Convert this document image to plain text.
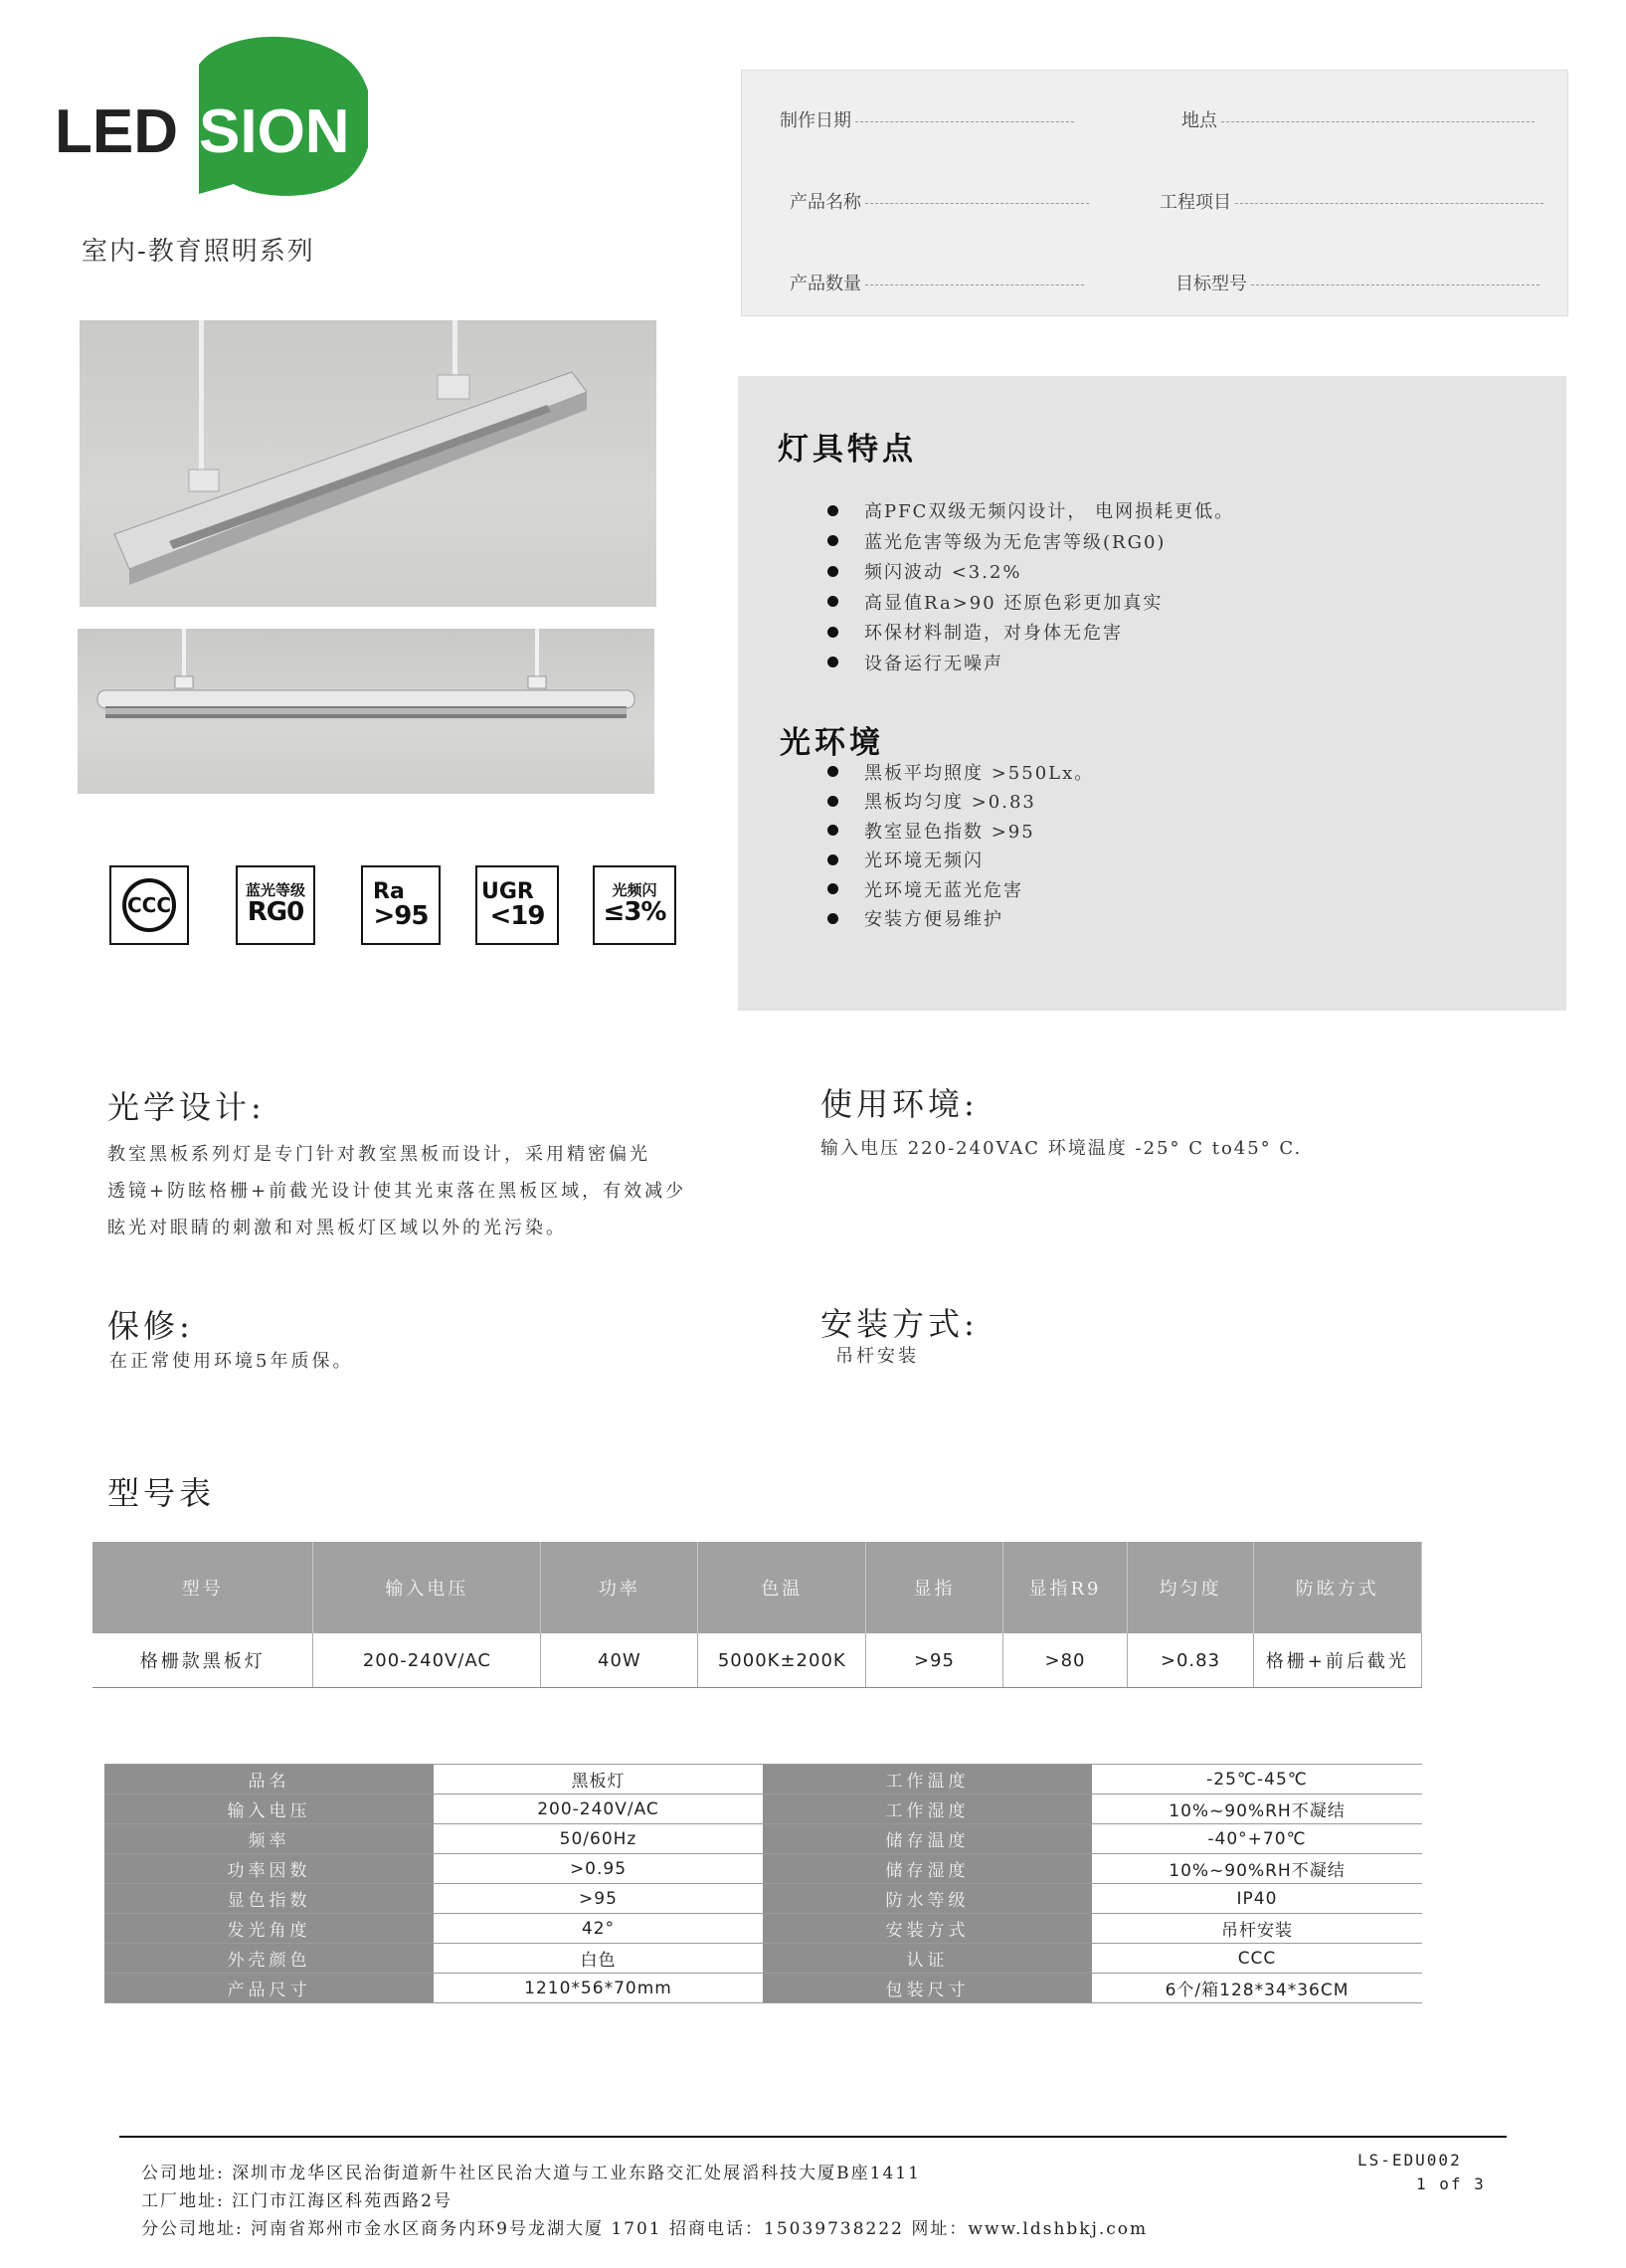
LED SION
室内-教育照明系列
CCC
蓝光等级
RG0
Ra
>95
UGR
<19
光频闪
≤3%
制作日期	地点
产品名称	工程项目
产品数量	目标型号
灯具特点
高PFC双级无频闪设计， 电网损耗更低。
蓝光危害等级为无危害等级(RG0)
频闪波动 <3.2%
高显值Ra>90 还原色彩更加真实
环保材料制造，对身体无危害
设备运行无噪声
光环境
黑板平均照度 >550Lx。
黑板均匀度 >0.83
教室显色指数 >95
光环境无频闪
光环境无蓝光危害
安装方便易维护
光学设计:
教室黑板系列灯是专门针对教室黑板而设计，采用精密偏光
透镜+防眩格栅+前截光设计使其光束落在黑板区域，有效减少
眩光对眼睛的刺激和对黑板灯区域以外的光污染。
使用环境:
输入电压 220-240VAC 环境温度 -25° C to45° C.
保修:
在正常使用环境5年质保。
安装方式:
吊杆安装
型号表
型号	输入电压	功率	色温	显指	显指R9	均匀度	防眩方式
格栅款黑板灯	200-240V/AC	40W	5000K±200K	>95	>80	>0.83	格栅+前后截光
品名	黑板灯	工作温度	-25℃-45℃
输入电压	200-240V/AC	工作湿度	10%~90%RH不凝结
频率	50/60Hz	储存温度	-40°+70℃
功率因数	>0.95	储存湿度	10%~90%RH不凝结
显色指数	>95	防水等级	IP40
发光角度	42°	安装方式	吊杆安装
外壳颜色	白色	认证	CCC
产品尺寸	1210*56*70mm	包装尺寸	6个/箱128*34*36CM
公司地址: 深圳市龙华区民治街道新牛社区民治大道与工业东路交汇处展滔科技大厦B座1411
工厂地址: 江门市江海区科苑西路2号
分公司地址: 河南省郑州市金水区商务内环9号龙湖大厦 1701 招商电话：15039738222 网址：www.ldshbkj.com
LS-EDU002
1 of 3
